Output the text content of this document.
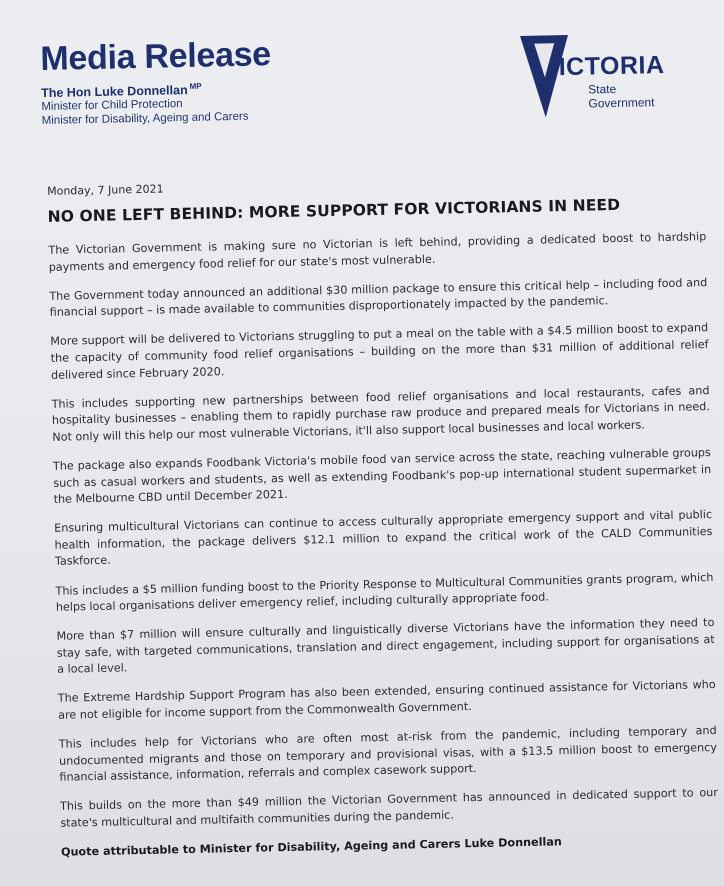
Media Release
The Hon Luke Donnellan $^{MP}$
Minister for Child Protection
Minister for Disability, Ageing and Carers
ICTORIA
State
Government
Monday, 7 June 2021
NO ONE LEFT BEHIND: MORE SUPPORT FOR VICTORIANS IN NEED

The Victorian Government is making sure no Victorian is left behind, providing a dedicated boost to hardship payments and emergency food relief for our state's most vulnerable.

The Government today announced an additional $30 million package to ensure this critical help – including food and financial support – is made available to communities disproportionately impacted by the pandemic.

More support will be delivered to Victorians struggling to put a meal on the table with a $4.5 million boost to expand the capacity of community food relief organisations – building on the more than $31 million of additional relief delivered since February 2020.

This includes supporting new partnerships between food relief organisations and local restaurants, cafes and hospitality businesses – enabling them to rapidly purchase raw produce and prepared meals for Victorians in need. Not only will this help our most vulnerable Victorians, it'll also support local businesses and local workers.

The package also expands Foodbank Victoria's mobile food van service across the state, reaching vulnerable groups such as casual workers and students, as well as extending Foodbank's pop-up international student supermarket in the Melbourne CBD until December 2021.

Ensuring multicultural Victorians can continue to access culturally appropriate emergency support and vital public health information, the package delivers $12.1 million to expand the critical work of the CALD Communities Taskforce.

This includes a $5 million funding boost to the Priority Response to Multicultural Communities grants program, which helps local organisations deliver emergency relief, including culturally appropriate food.

More than $7 million will ensure culturally and linguistically diverse Victorians have the information they need to stay safe, with targeted communications, translation and direct engagement, including support for organisations at a local level.

The Extreme Hardship Support Program has also been extended, ensuring continued assistance for Victorians who are not eligible for income support from the Commonwealth Government.

This includes help for Victorians who are often most at-risk from the pandemic, including temporary and undocumented migrants and those on temporary and provisional visas, with a $13.5 million boost to emergency financial assistance, information, referrals and complex casework support.

This builds on the more than $49 million the Victorian Government has announced in dedicated support to our state's multicultural and multifaith communities during the pandemic.

Quote attributable to Minister for Disability, Ageing and Carers Luke Donnellan
